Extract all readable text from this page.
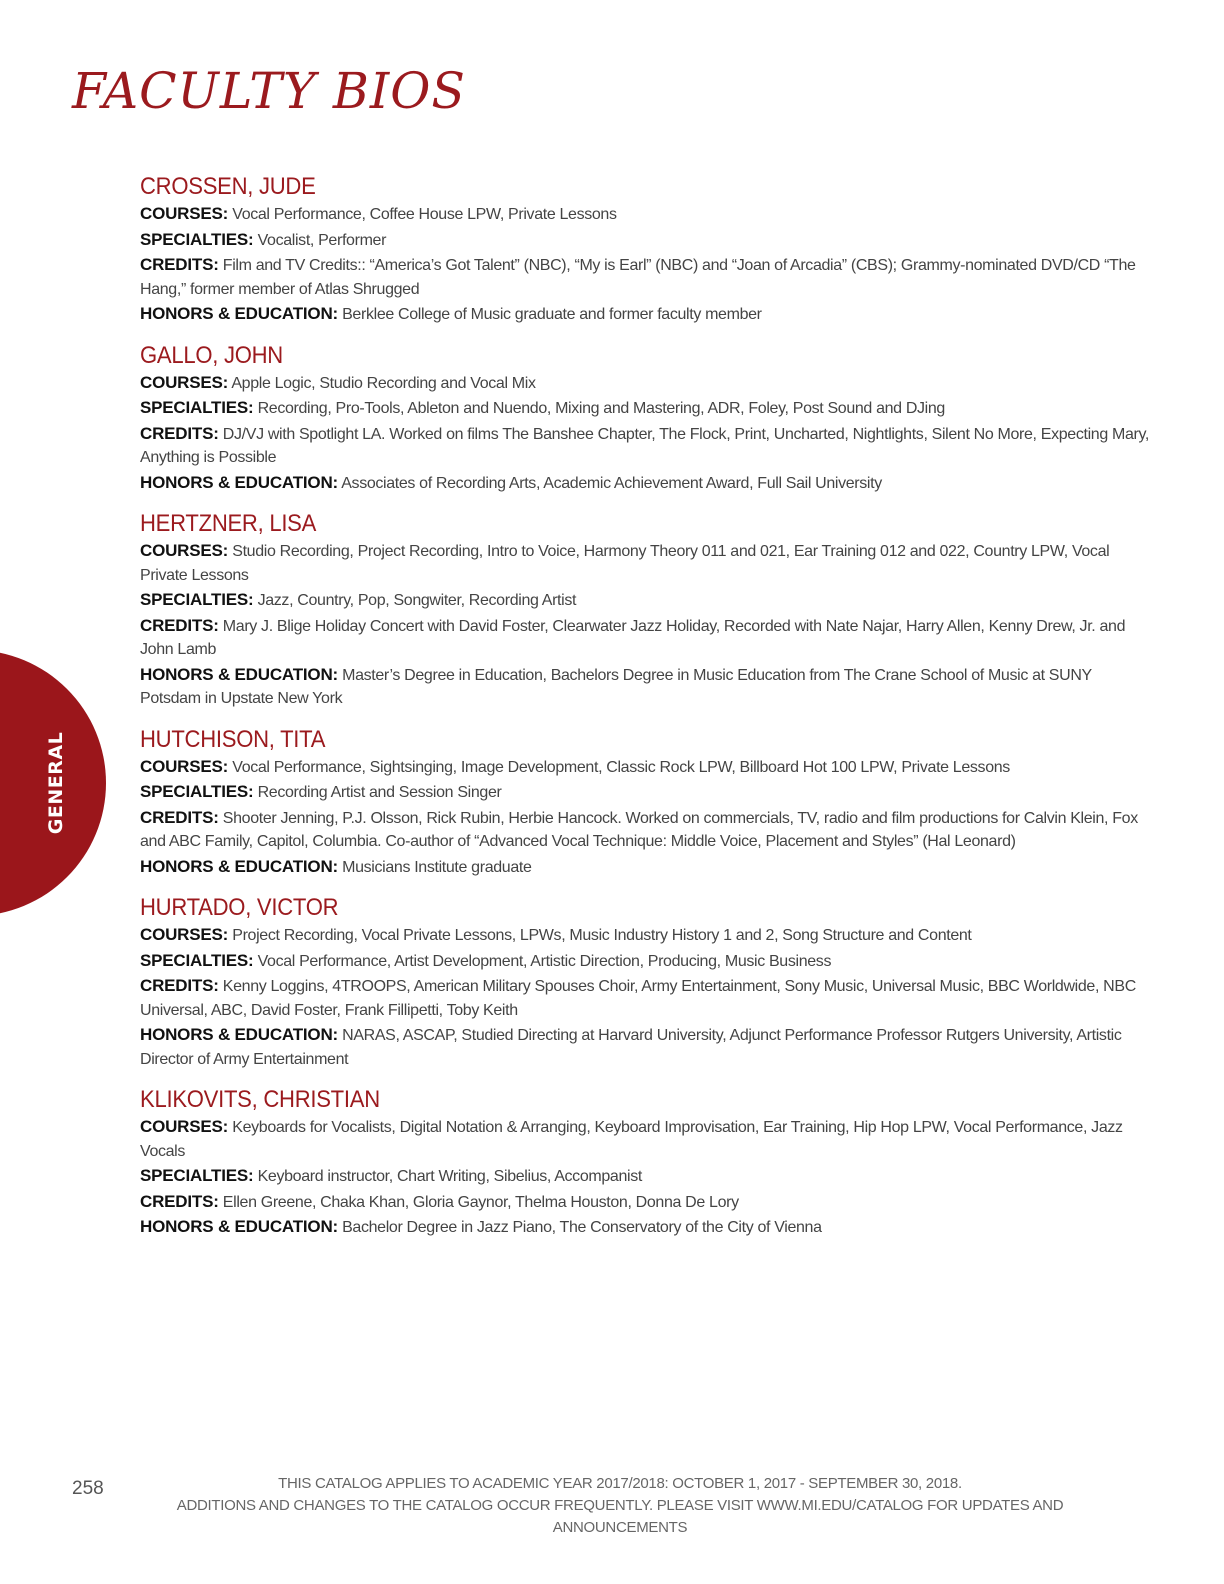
FACULTY BIOS
GENERAL
CROSSEN, JUDE

COURSES: Vocal Performance, Coffee House LPW, Private Lessons

SPECIALTIES: Vocalist, Performer

CREDITS: Film and TV Credits:: “America’s Got Talent” (NBC), “My is Earl” (NBC) and “Joan of Arcadia” (CBS); Grammy-nominated DVD/CD “The Hang,” former member of Atlas Shrugged

HONORS & EDUCATION: Berklee College of Music graduate and former faculty member

GALLO, JOHN

COURSES: Apple Logic, Studio Recording and Vocal Mix

SPECIALTIES: Recording, Pro-Tools, Ableton and Nuendo, Mixing and Mastering, ADR, Foley, Post Sound and DJing

CREDITS: DJ/VJ with Spotlight LA. Worked on films The Banshee Chapter, The Flock, Print, Uncharted, Nightlights, Silent No More, Expecting Mary, Anything is Possible

HONORS & EDUCATION: Associates of Recording Arts, Academic Achievement Award, Full Sail University

HERTZNER, LISA

COURSES: Studio Recording, Project Recording, Intro to Voice, Harmony Theory 011 and 021, Ear Training 012 and 022, Country LPW, Vocal Private Lessons

SPECIALTIES: Jazz, Country, Pop, Songwiter, Recording Artist

CREDITS: Mary J. Blige Holiday Concert with David Foster, Clearwater Jazz Holiday, Recorded with Nate Najar, Harry Allen, Kenny Drew, Jr. and John Lamb

HONORS & EDUCATION: Master’s Degree in Education, Bachelors Degree in Music Education from The Crane School of Music at SUNY Potsdam in Upstate New York

HUTCHISON, TITA

COURSES: Vocal Performance, Sightsinging, Image Development, Classic Rock LPW, Billboard Hot 100 LPW, Private Lessons

SPECIALTIES: Recording Artist and Session Singer

CREDITS: Shooter Jenning, P.J. Olsson, Rick Rubin, Herbie Hancock. Worked on commercials, TV, radio and film productions for Calvin Klein, Fox and ABC Family, Capitol, Columbia. Co-author of “Advanced Vocal Technique: Middle Voice, Placement and Styles” (Hal Leonard)

HONORS & EDUCATION: Musicians Institute graduate

HURTADO, VICTOR

COURSES: Project Recording, Vocal Private Lessons, LPWs, Music Industry History 1 and 2, Song Structure and Content

SPECIALTIES: Vocal Performance, Artist Development, Artistic Direction, Producing, Music Business

CREDITS: Kenny Loggins, 4TROOPS, American Military Spouses Choir, Army Entertainment, Sony Music, Universal Music, BBC Worldwide, NBC Universal, ABC, David Foster, Frank Fillipetti, Toby Keith

HONORS & EDUCATION: NARAS, ASCAP, Studied Directing at Harvard University, Adjunct Performance Professor Rutgers University, Artistic Director of Army Entertainment

KLIKOVITS, CHRISTIAN

COURSES: Keyboards for Vocalists, Digital Notation & Arranging, Keyboard Improvisation, Ear Training, Hip Hop LPW, Vocal Performance, Jazz Vocals

SPECIALTIES: Keyboard instructor, Chart Writing, Sibelius, Accompanist

CREDITS: Ellen Greene, Chaka Khan, Gloria Gaynor, Thelma Houston, Donna De Lory

HONORS & EDUCATION: Bachelor Degree in Jazz Piano, The Conservatory of the City of Vienna

258	THIS CATALOG APPLIES TO ACADEMIC YEAR 2017/2018: OCTOBER 1, 2017 - SEPTEMBER 30, 2018.
ADDITIONS AND CHANGES TO THE CATALOG OCCUR FREQUENTLY. PLEASE VISIT WWW.MI.EDU/CATALOG FOR UPDATES AND ANNOUNCEMENTS
